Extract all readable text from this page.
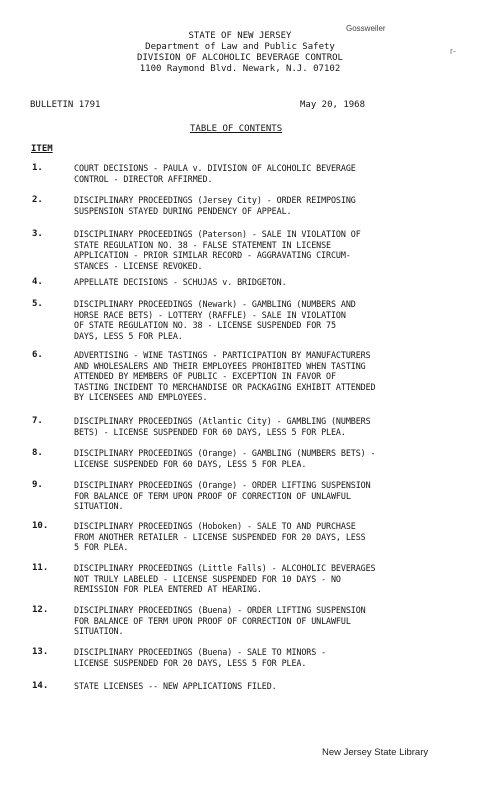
Gossweiler
r-
STATE OF NEW JERSEY
Department of Law and Public Safety
DIVISION OF ALCOHOLIC BEVERAGE CONTROL
1100 Raymond Blvd. Newark, N.J. 07102
BULLETIN 1791	May 20, 1968
TABLE OF CONTENTS
ITEM
1.	COURT DECISIONS - PAULA v. DIVISION OF ALCOHOLIC BEVERAGE
CONTROL - DIRECTOR AFFIRMED.
2.	DISCIPLINARY PROCEEDINGS (Jersey City) - ORDER REIMPOSING
SUSPENSION STAYED DURING PENDENCY OF APPEAL.
3.	DISCIPLINARY PROCEEDINGS (Paterson) - SALE IN VIOLATION OF
STATE REGULATION NO. 38 - FALSE STATEMENT IN LICENSE
APPLICATION - PRIOR SIMILAR RECORD - AGGRAVATING CIRCUM-
STANCES - LICENSE REVOKED.
4.	APPELLATE DECISIONS - SCHUJAS v. BRIDGETON.
5.	DISCIPLINARY PROCEEDINGS (Newark) - GAMBLING (NUMBERS AND
HORSE RACE BETS) - LOTTERY (RAFFLE) - SALE IN VIOLATION
OF STATE REGULATION NO. 38 - LICENSE SUSPENDED FOR 75
DAYS, LESS 5 FOR PLEA.
6.	ADVERTISING - WINE TASTINGS - PARTICIPATION BY MANUFACTURERS
AND WHOLESALERS AND THEIR EMPLOYEES PROHIBITED WHEN TASTING
ATTENDED BY MEMBERS OF PUBLIC - EXCEPTION IN FAVOR OF
TASTING INCIDENT TO MERCHANDISE OR PACKAGING EXHIBIT ATTENDED
BY LICENSEES AND EMPLOYEES.
7.	DISCIPLINARY PROCEEDINGS (Atlantic City) - GAMBLING (NUMBERS
BETS) - LICENSE SUSPENDED FOR 60 DAYS, LESS 5 FOR PLEA.
8.	DISCIPLINARY PROCEEDINGS (Orange) - GAMBLING (NUMBERS BETS) -
LICENSE SUSPENDED FOR 60 DAYS, LESS 5 FOR PLEA.
9.	DISCIPLINARY PROCEEDINGS (Orange) - ORDER LIFTING SUSPENSION
FOR BALANCE OF TERM UPON PROOF OF CORRECTION OF UNLAWFUL
SITUATION.
10.	DISCIPLINARY PROCEEDINGS (Hoboken) - SALE TO AND PURCHASE
FROM ANOTHER RETAILER - LICENSE SUSPENDED FOR 20 DAYS, LESS
5 FOR PLEA.
11.	DISCIPLINARY PROCEEDINGS (Little Falls) - ALCOHOLIC BEVERAGES
NOT TRULY LABELED - LICENSE SUSPENDED FOR 10 DAYS - NO
REMISSION FOR PLEA ENTERED AT HEARING.
12.	DISCIPLINARY PROCEEDINGS (Buena) - ORDER LIFTING SUSPENSION
FOR BALANCE OF TERM UPON PROOF OF CORRECTION OF UNLAWFUL
SITUATION.
13.	DISCIPLINARY PROCEEDINGS (Buena) - SALE TO MINORS -
LICENSE SUSPENDED FOR 20 DAYS, LESS 5 FOR PLEA.
14.	STATE LICENSES -- NEW APPLICATIONS FILED.
New Jersey State Library
